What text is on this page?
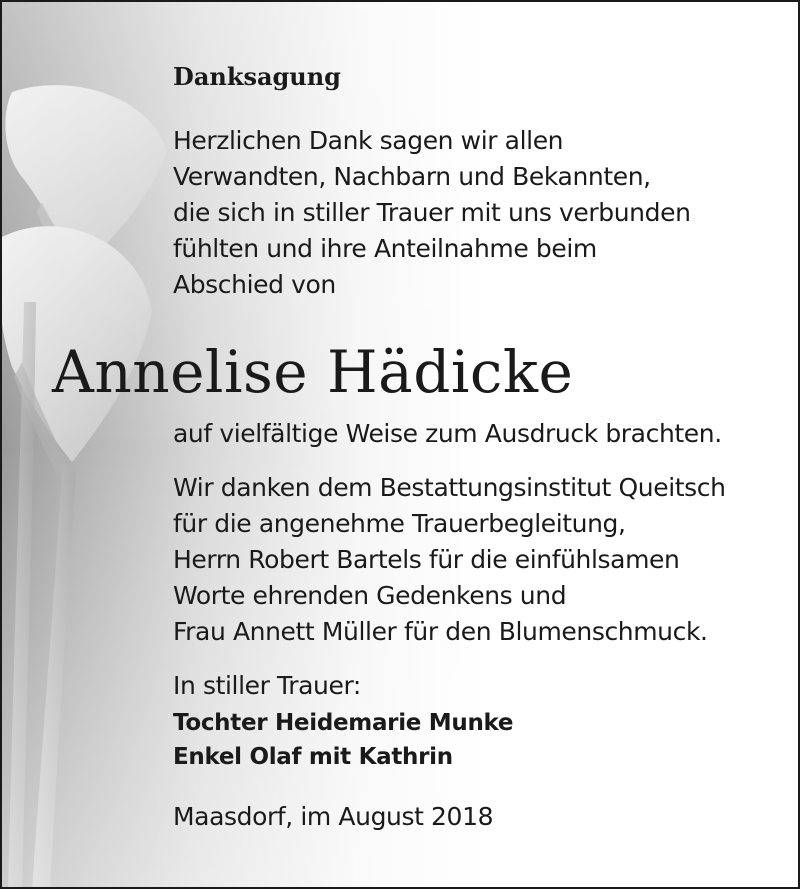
Danksagung
Herzlichen Dank sagen wir allen
Verwandten, Nachbarn und Bekannten,
die sich in stiller Trauer mit uns verbunden
fühlten und ihre Anteilnahme beim
Abschied von
Annelise Hädicke
auf vielfältige Weise zum Ausdruck brachten.
Wir danken dem Bestattungsinstitut Queitsch
für die angenehme Trauerbegleitung,
Herrn Robert Bartels für die einfühlsamen
Worte ehrenden Gedenkens und
Frau Annett Müller für den Blumenschmuck.
In stiller Trauer:
Tochter Heidemarie Munke
Enkel Olaf mit Kathrin
Maasdorf, im August 2018
